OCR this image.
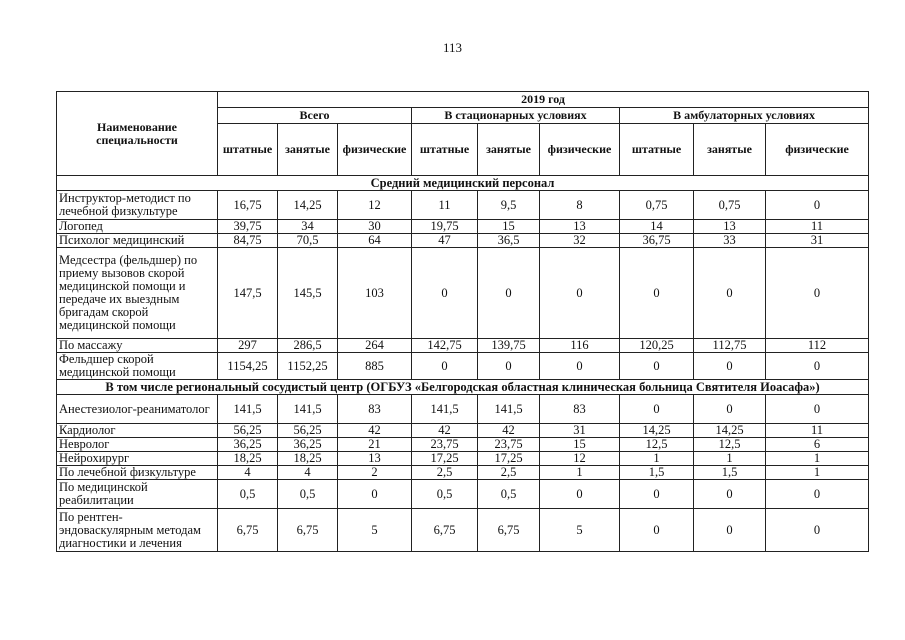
113
Наименование специальности	2019 год								
	Всего			В стационарных условиях			В амбулаторных условиях		
	штатные	занятые	физические	штатные	занятые	физические	штатные	занятые	физические
Средний медицинский персонал									
Инструктор-методист по лечебной физкультуре	16,75	14,25	12	11	9,5	8	0,75	0,75	0
Логопед	39,75	34	30	19,75	15	13	14	13	11
Психолог медицинский	84,75	70,5	64	47	36,5	32	36,75	33	31
Медсестра (фельдшер) по приему вызовов скорой медицинской помощи и передаче их выездным бригадам скорой медицинской помощи	147,5	145,5	103	0	0	0	0	0	0
По массажу	297	286,5	264	142,75	139,75	116	120,25	112,75	112
Фельдшер скорой медицинской помощи	1154,25	1152,25	885	0	0	0	0	0	0
В том числе региональный сосудистый центр (ОГБУЗ «Белгородская областная клиническая больница Святителя Иоасафа»)									
Анестезиолог-реаниматолог	141,5	141,5	83	141,5	141,5	83	0	0	0
Кардиолог	56,25	56,25	42	42	42	31	14,25	14,25	11
Невролог	36,25	36,25	21	23,75	23,75	15	12,5	12,5	6
Нейрохирург	18,25	18,25	13	17,25	17,25	12	1	1	1
По лечебной физкультуре	4	4	2	2,5	2,5	1	1,5	1,5	1
По медицинской реабилитации	0,5	0,5	0	0,5	0,5	0	0	0	0
По рентген-эндоваскулярным методам диагностики и лечения	6,75	6,75	5	6,75	6,75	5	0	0	0
